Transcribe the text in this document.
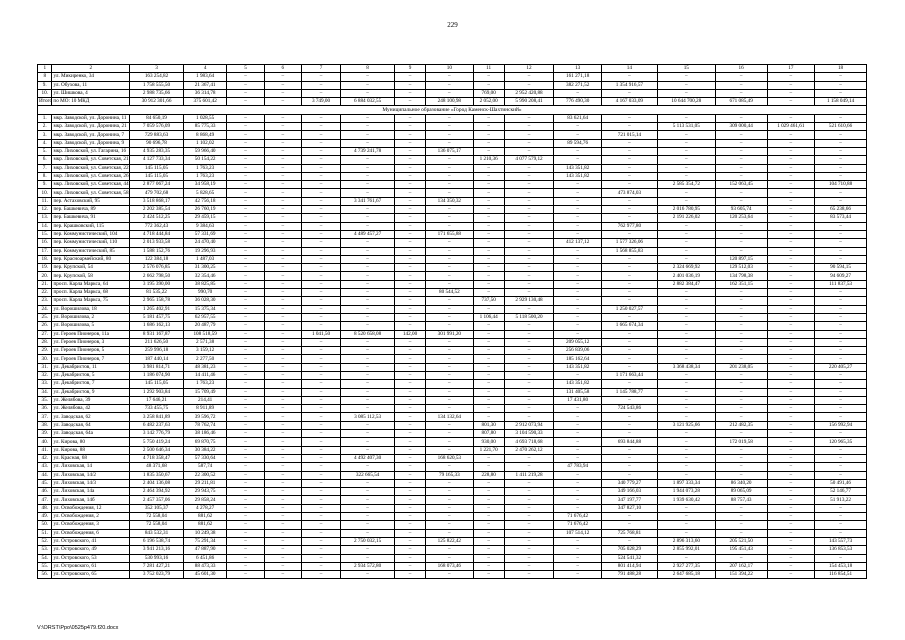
229
1	2	3	4	5	6	7	8	9	10	11	12	13	14	15	16	17	18
8	ул. Микиренко, 34	163 254,82	1 983,64	–	–	–	–	–	–	–	–	161 271,18	–	–	–	–	–
9.	ул. Обухова, 11	1 758 555,50	21 367,41	–	–	–	–	–	–	–	–	382 271,52	1 354 916,57	–	–	–	–
10.	ул. Шишкова, 4	2 988 735,66	36 314,78	–	–	–	–	–	–	769,00	2 952 420,88	–	–	–	–	–	–
Итого по МО: 10 МКД		30 912 301,66	375 601,42	–	–	3 749,00	6 884 032,55	–	248 100,98	2 052,00	5 990 208,41	776 490,30	4 167 033,09	10 644 700,28	671 085,49	–	1 158 049,14
Муниципальное образование «Город Каменск-Шахтинский»																	
1.	мкр. Заводской, ул. Доронина, 11	84 650,19	1 028,55	–	–	–	–	–	–	–	–	83 621,64	–	–	–	–	–
2.	мкр. Заводской, ул. Доронина, 21	7 059 576,09	85 775,33	–	–	–	–	–	–	–	–	–	–	5 113 531,05	309 000,44	1 029 461,61	521 610,66
3.	мкр. Заводской, ул. Доронина, 7	729 883,63	8 868,49	–	–	–	–	–	–	–	–	–	721 015,14	–	–	–	–
4.	мкр. Заводской, ул. Доронина, 9	90 696,78	1 102,02	–	–	–	–	–	–	–	–	89 594,76	–	–	–	–	–
5.	мкр. Лиховской, ул. Гагарина, 16	4 935 283,35	59 966,40	–	–	–	4 739 241,78	–	136 075,17	–	–	–	–	–	–	–	–
6.	мкр. Лиховской, ул. Советская, 21	4 127 733,34	50 154,22	–	–	–	–	–	–	1 210,36	4 077 579,12	–	–	–	–	–	–
7.	мкр. Лиховской, ул. Советская, 22	145 115,05	1 763,23	–	–	–	–	–	–	–	–	143 351,82	–	–	–	–	–
8.	мкр. Лиховской, ул. Советская, 26	145 115,05	1 763,23	–	–	–	–	–	–	–	–	143 351,82	–	–	–	–	–
9.	мкр. Лиховской, ул. Советская, 44	2 877 067,24	34 958,19	–	–	–	–	–	–	–	–	–	–	2 585 354,72	152 063,45	–	104 710,88
10.	мкр. Лиховской, ул. Советская, 58	479 702,68	5 828,65	–	–	–	–	–	–	–	–	–	473 874,03	–	–	–	–
11.	пер. Астаховский, 95	3 518 868,17	42 756,18	–	–	–	3 341 761,67	–	134 350,32	–	–	–	–	–	–	–	–
12.	пер. Башкевича, 89	2 202 385,54	26 760,19	–	–	–	–	–	–	–	–	–	–	2 016 780,95	93 605,74	–	65 238,66
13.	пер. Башкевича, 91	2 424 512,25	29 459,15	–	–	–	–	–	–	–	–	–	–	2 191 226,02	120 253,64	–	83 573,44
14.	пер. Крашковский, 115	772 362,43	9 384,63	–	–	–	–	–	–	–	–	–	762 977,80	–	–	–	–
15.	пер. Коммунистический, 104	4 718 444,84	57 331,69	–	–	–	4 489 457,27	–	171 655,88	–	–	–	–	–	–	–	–
16.	пер. Коммунистический, 110	2 013 933,58	24 470,40	–	–	–	–	–	–	–	–	412 137,12	1 577 326,06	–	–	–	–
17.	пер. Коммунистический, 85	1 588 152,76	19 296,93	–	–	–	–	–	–	–	–	–	1 568 855,83	–	–	–	–
18.	пер. Красноармейский, 80	122 384,18	1 487,03	–	–	–	–	–	–	–	–	–	–	–	120 897,15	–	–
19.	пер. Крупской, 54	2 576 076,85	31 300,25	–	–	–	–	–	–	–	–	–	–	2 324 669,92	129 512,03	–	90 594,15
20.	пер. Крупской, 58	2 662 798,50	32 354,46	–	–	–	–	–	–	–	–	–	–	2 401 036,19	134 798,38	–	94 609,27
21.	просп. Карла Маркса, 64	3 195 390,00	38 825,85	–	–	–	–	–	–	–	–	–	–	2 882 384,47	162 351,15	–	111 837,53
22.	просп. Карла Маркса, 68	81 535,22	990,70	–	–	–	–	–	80 544,52	–	–	–	–	–	–	–	–
23.	просп. Карла Маркса, 75	2 965 158,78	36 028,30	–	–	–	–	–	–	737,50	2 929 130,48	–	–	–	–	–	–
24.	ул. Ворошилова, 18	1 265 402,91	15 375,34	–	–	–	–	–	–	–	–	–	1 250 027,57	–	–	–	–
25.	ул. Ворошилова, 2	5 181 457,75	62 957,55	–	–	–	–	–	–	1 106,44	5 118 500,20	–	–	–	–	–	–
26.	ул. Ворошилова, 5	1 686 162,13	20 487,79	–	–	–	–	–	–	–	–	–	1 665 674,34	–	–	–	–
27.	ул. Героев Пионеров, 11а	8 931 167,87	108 518,59	–	–	1 041,50	8 520 658,08	142,00	301 991,20	–	–	–	–	–	–	–	–
28.	ул. Героев Пионеров, 3	211 626,50	2 571,38	–	–	–	–	–	–	–	–	209 055,12	–	–	–	–	–
29.	ул. Героев Пионеров, 5	259 996,18	3 159,12	–	–	–	–	–	–	–	–	256 839,06	–	–	–	–	–
30.	ул. Героев Пионеров, 7	187 440,14	2 277,50	–	–	–	–	–	–	–	–	185 162,64	–	–	–	–	–
31.	ул. Декабристов, 11	3 981 814,71	48 381,23	–	–	–	–	–	–	–	–	143 351,82	–	3 368 438,34	201 238,05	–	220 405,27
32.	ул. Декабристов, 5	1 186 074,90	14 411,46	–	–	–	–	–	–	–	–	–	1 171 663,44	–	–	–	–
33.	ул. Декабристов, 7	145 115,05	1 763,23	–	–	–	–	–	–	–	–	143 351,82	–	–	–	–	–
34.	ул. Декабристов, 9	1 292 903,84	15 709,49	–	–	–	–	–	–	–	–	131 405,58	1 145 788,77	–	–	–	–
35.	ул. Желябова, 39	17 646,21	214,41	–	–	–	–	–	–	–	–	17 431,80	–	–	–	–	–
36.	ул. Желябова, 42	733 455,75	8 911,89	–	–	–	–	–	–	–	–	–	724 543,86	–	–	–	–
37.	ул. Заводская, 62	3 258 841,89	39 596,72	–	–	–	3 085 112,53	–	134 132,64	–	–	–	–	–	–	–	–
38.	ул. Заводская, 64	6 482 237,63	78 762,74	–	–	–	–	–	–	801,30	2 912 073,94	–	–	3 121 925,66	212 482,35	–	156 992,94
39.	ул. Заводская, 64а	3 142 776,79	38 186,46	–	–	–	–	–	–	807,80	3 104 590,33	–	–	–	–	–	–
40.	ул. Кирова, 80	5 750 419,24	69 870,75	–	–	–	–	–	–	930,00	4 693 718,68	–	693 844,88	–	172 019,58	–	120 965,35
41.	ул. Кирова, 88	2 500 646,34	30 384,22	–	–	–	–	–	–	1 221,70	2 470 262,12	–	–	–	–	–	–
42.	ул. Красная, 68	4 718 358,47	57 330,64	–	–	–	4 492 407,30	–	168 620,53	–	–	–	–	–	–	–	–
43.	ул. Лиховская, 14	48 371,68	587,74	–	–	–	–	–	–	–	–	47 783,94	–	–	–	–	–
44.	ул. Лиховская, 14/2	1 835 350,67	22 300,52	–	–	–	322 665,54	–	79 165,33	228,80	1 411 219,28	–	–	–	–	–	–
45.	ул. Лиховская, 14/3	2 404 136,08	29 211,81	–	–	–	–	–	–	–	–	–	340 779,27	1 897 333,34	86 340,20	–	50 491,46
46.	ул. Лиховская, 14а	2 464 394,92	29 943,75	–	–	–	–	–	–	–	–	–	349 166,03	1 944 073,28	89 065,09	–	52 146,77
47.	ул. Лиховская, 14б	2 457 357,06	29 858,24	–	–	–	–	–	–	–	–	–	347 197,77	1 939 630,42	88 757,43	–	51 913,22
48.	ул. Освобождения, 12	352 105,37	4 278,27	–	–	–	–	–	–	–	–	–	347 827,10	–	–	–	–
49.	ул. Освобождения, 2	72 558,04	881,62	–	–	–	–	–	–	–	–	71 676,42	–	–	–	–	–
50.	ул. Освобождения, 3	72 558,04	881,62	–	–	–	–	–	–	–	–	71 676,42	–	–	–	–	–
51.	ул. Освобождения, 6	843 532,31	10 249,38	–	–	–	–	–	–	–	–	107 514,12	725 768,81	–	–	–	–
52.	ул. Островского, 41	6 196 538,74	75 291,34	–	–	–	2 750 032,15	–	125 822,42	–	–	–	–	2 896 313,60	205 521,50	–	143 557,73
53.	ул. Островского, 49	3 941 213,16	47 887,90	–	–	–	–	–	–	–	–	–	705 028,29	2 855 992,01	195 451,43	–	136 853,53
54.	ул. Островского, 53	530 993,16	6 451,86	–	–	–	–	–	–	–	–	–	524 541,32	–	–	–	–
55.	ул. Островского, 61	7 281 427,21	88 473,33	–	–	–	2 934 572,80	–	168 073,46	–	–	–	801 414,94	2 927 277,35	207 162,17	–	154 453,18
56.	ул. Островского, 65	3 752 023,79	45 601,30	–	–	–	–	–	–	–	–	–	791 488,28	2 647 685,18	151 394,22	–	116 854,51
V:\ORST\Ppo\0525p479.f20.docx
